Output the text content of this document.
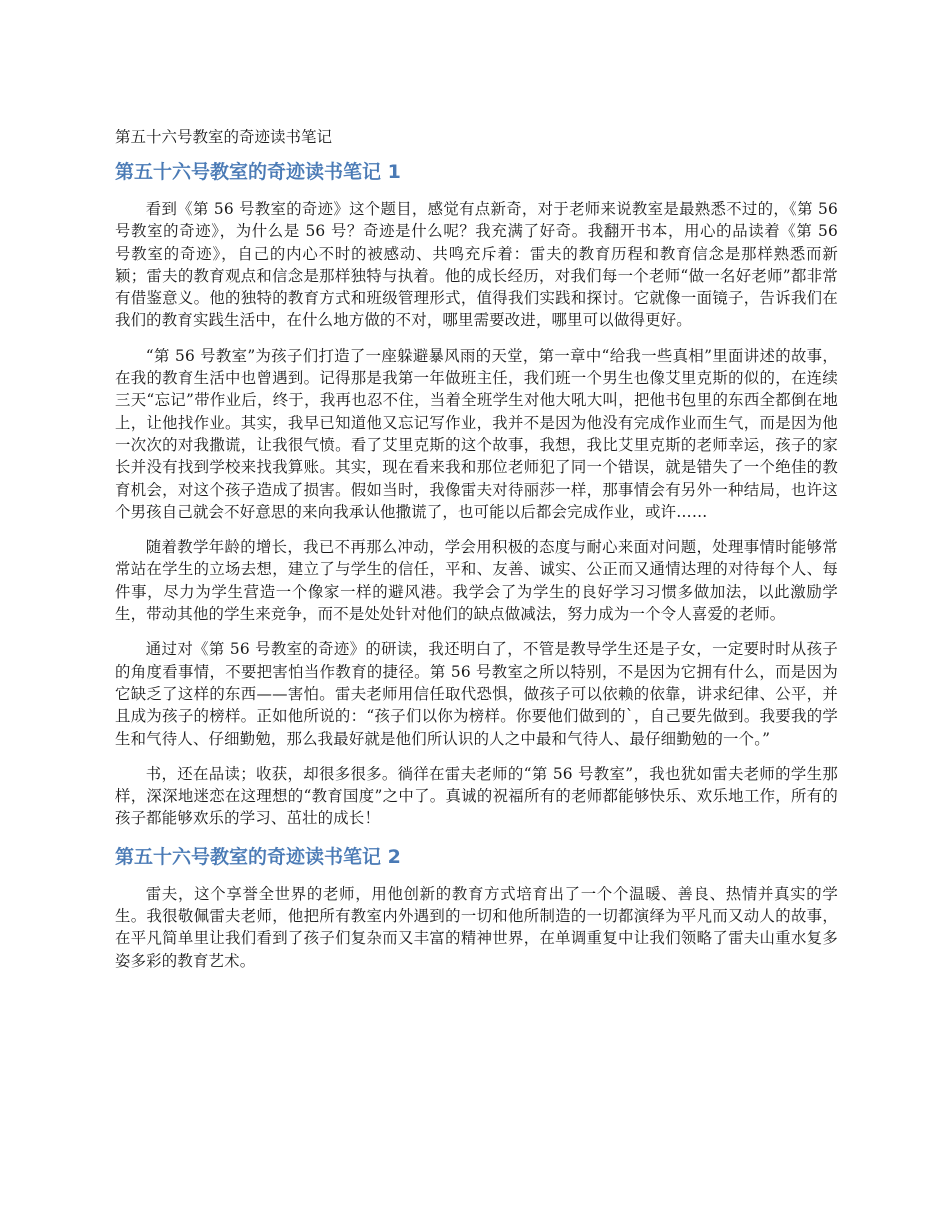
第五十六号教室的奇迹读书笔记
第五十六号教室的奇迹读书笔记 1

看到《第 56 号教室的奇迹》这个题目，感觉有点新奇，对于老师来说教室是最熟悉不过的，《第 56 号教室的奇迹》，为什么是 56 号？奇迹是什么呢？我充满了好奇。我翻开书本，用心的品读着《第 56 号教室的奇迹》，自己的内心不时的被感动、共鸣充斥着：雷夫的教育历程和教育信念是那样熟悉而新颖；雷夫的教育观点和信念是那样独特与执着。他的成长经历，对我们每一个老师“做一名好老师”都非常有借鉴意义。他的独特的教育方式和班级管理形式，值得我们实践和探讨。它就像一面镜子，告诉我们在我们的教育实践生活中，在什么地方做的不对，哪里需要改进，哪里可以做得更好。

“第 56 号教室”为孩子们打造了一座躲避暴风雨的天堂，第一章中“给我一些真相”里面讲述的故事，在我的教育生活中也曾遇到。记得那是我第一年做班主任，我们班一个男生也像艾里克斯的似的，在连续三天“忘记”带作业后，终于，我再也忍不住，当着全班学生对他大吼大叫，把他书包里的东西全都倒在地上，让他找作业。其实，我早已知道他又忘记写作业，我并不是因为他没有完成作业而生气，而是因为他一次次的对我撒谎，让我很气愤。看了艾里克斯的这个故事，我想，我比艾里克斯的老师幸运，孩子的家长并没有找到学校来找我算账。其实，现在看来我和那位老师犯了同一个错误，就是错失了一个绝佳的教育机会，对这个孩子造成了损害。假如当时，我像雷夫对待丽莎一样，那事情会有另外一种结局，也许这个男孩自己就会不好意思的来向我承认他撒谎了，也可能以后都会完成作业，或许……

随着教学年龄的增长，我已不再那么冲动，学会用积极的态度与耐心来面对问题，处理事情时能够常常站在学生的立场去想，建立了与学生的信任，平和、友善、诚实、公正而又通情达理的对待每个人、每件事，尽力为学生营造一个像家一样的避风港。我学会了为学生的良好学习习惯多做加法，以此激励学生，带动其他的学生来竞争，而不是处处针对他们的缺点做减法，努力成为一个令人喜爱的老师。

通过对《第 56 号教室的奇迹》的研读，我还明白了，不管是教导学生还是子女，一定要时时从孩子的角度看事情，不要把害怕当作教育的捷径。第 56 号教室之所以特别，不是因为它拥有什么，而是因为它缺乏了这样的东西——害怕。雷夫老师用信任取代恐惧，做孩子可以依赖的依靠，讲求纪律、公平，并且成为孩子的榜样。正如他所说的：“孩子们以你为榜样。你要他们做到的`，自己要先做到。我要我的学生和气待人、仔细勤勉，那么我最好就是他们所认识的人之中最和气待人、最仔细勤勉的一个。”

书，还在品读；收获，却很多很多。徜徉在雷夫老师的“第 56 号教室”，我也犹如雷夫老师的学生那样，深深地迷恋在这理想的“教育国度”之中了。真诚的祝福所有的老师都能够快乐、欢乐地工作，所有的孩子都能够欢乐的学习、茁壮的成长！

第五十六号教室的奇迹读书笔记 2

雷夫，这个享誉全世界的老师，用他创新的教育方式培育出了一个个温暖、善良、热情并真实的学生。我很敬佩雷夫老师，他把所有教室内外遇到的一切和他所制造的一切都演绎为平凡而又动人的故事，在平凡简单里让我们看到了孩子们复杂而又丰富的精神世界，在单调重复中让我们领略了雷夫山重水复多姿多彩的教育艺术。
